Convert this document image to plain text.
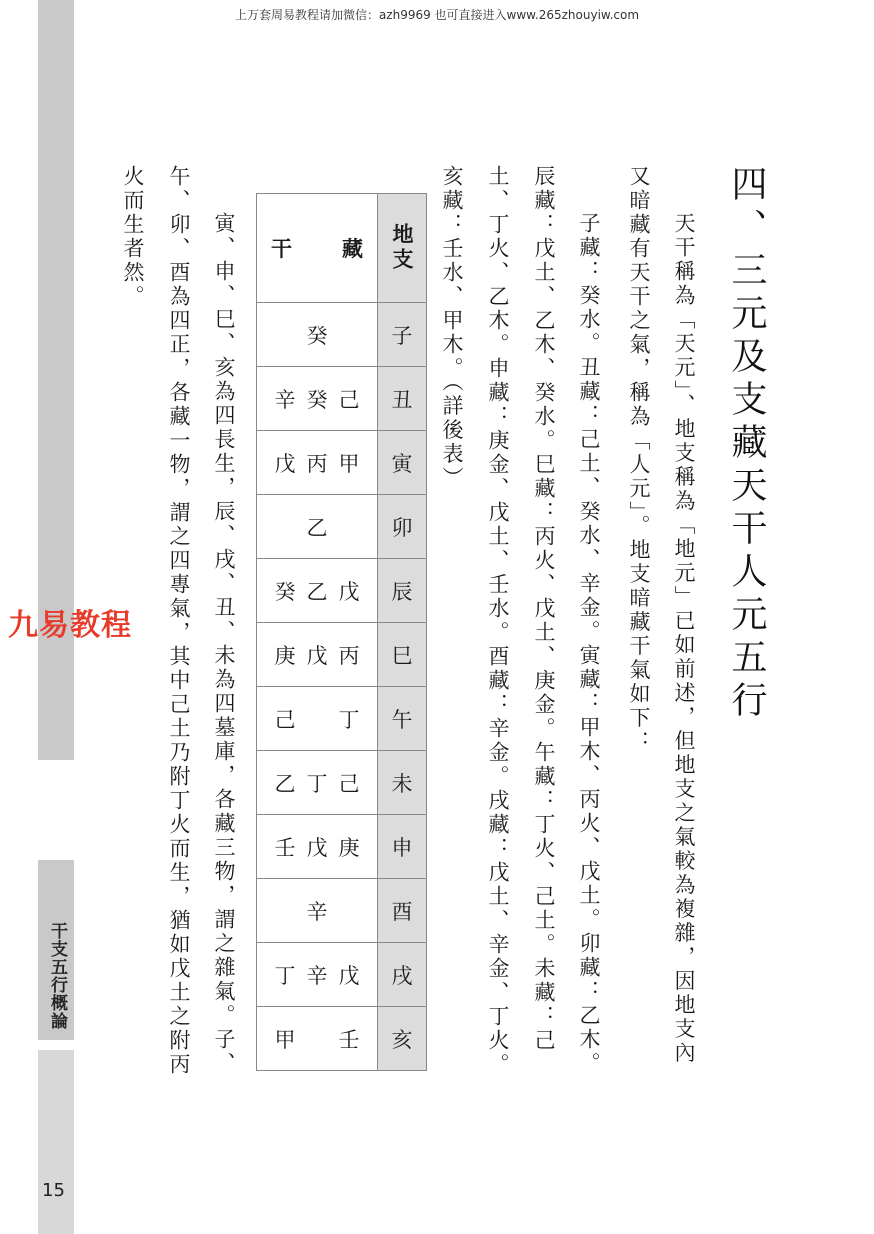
上万套周易教程请加微信：azh9969 也可直接进入www.265zhouyiw.com
干支五行概論
15
九易教程	四、三元及支藏天干人元五行
天干稱為「天元」、地支稱為「地元」已如前述，但地支之氣較為複雜，因地支內
又暗藏有天干之氣，稱為「人元」。地支暗藏干氣如下：
子藏：癸水。丑藏：己土、癸水、辛金。寅藏：甲木、丙火、戊土。卯藏：乙木。
辰藏：戊土、乙木、癸水。巳藏：丙火、戊土、庚金。午藏：丁火、己土。未藏：己
土、丁火、乙木。申藏：庚金、戊土、壬水。酉藏：辛金。戌藏：戊土、辛金、丁火。
亥藏：壬水、甲木。（詳後表）
寅、申、巳、亥為四長生，辰、戌、丑、未為四墓庫，各藏三物，謂之雜氣。子、
午、卯、酉為四正，各藏一物，謂之四專氣，其中己土乃附丁火而生，猶如戊土之附丙
火而生者然。	干 藏	地支

癸	子

辛 癸 己	丑

戊 丙 甲	寅

乙	卯

癸 乙 戊	辰

庚 戊 丙	巳

己 丁	午

乙 丁 己	未

壬 戊 庚	申

辛	酉

丁 辛 戊	戌

甲 壬	亥
